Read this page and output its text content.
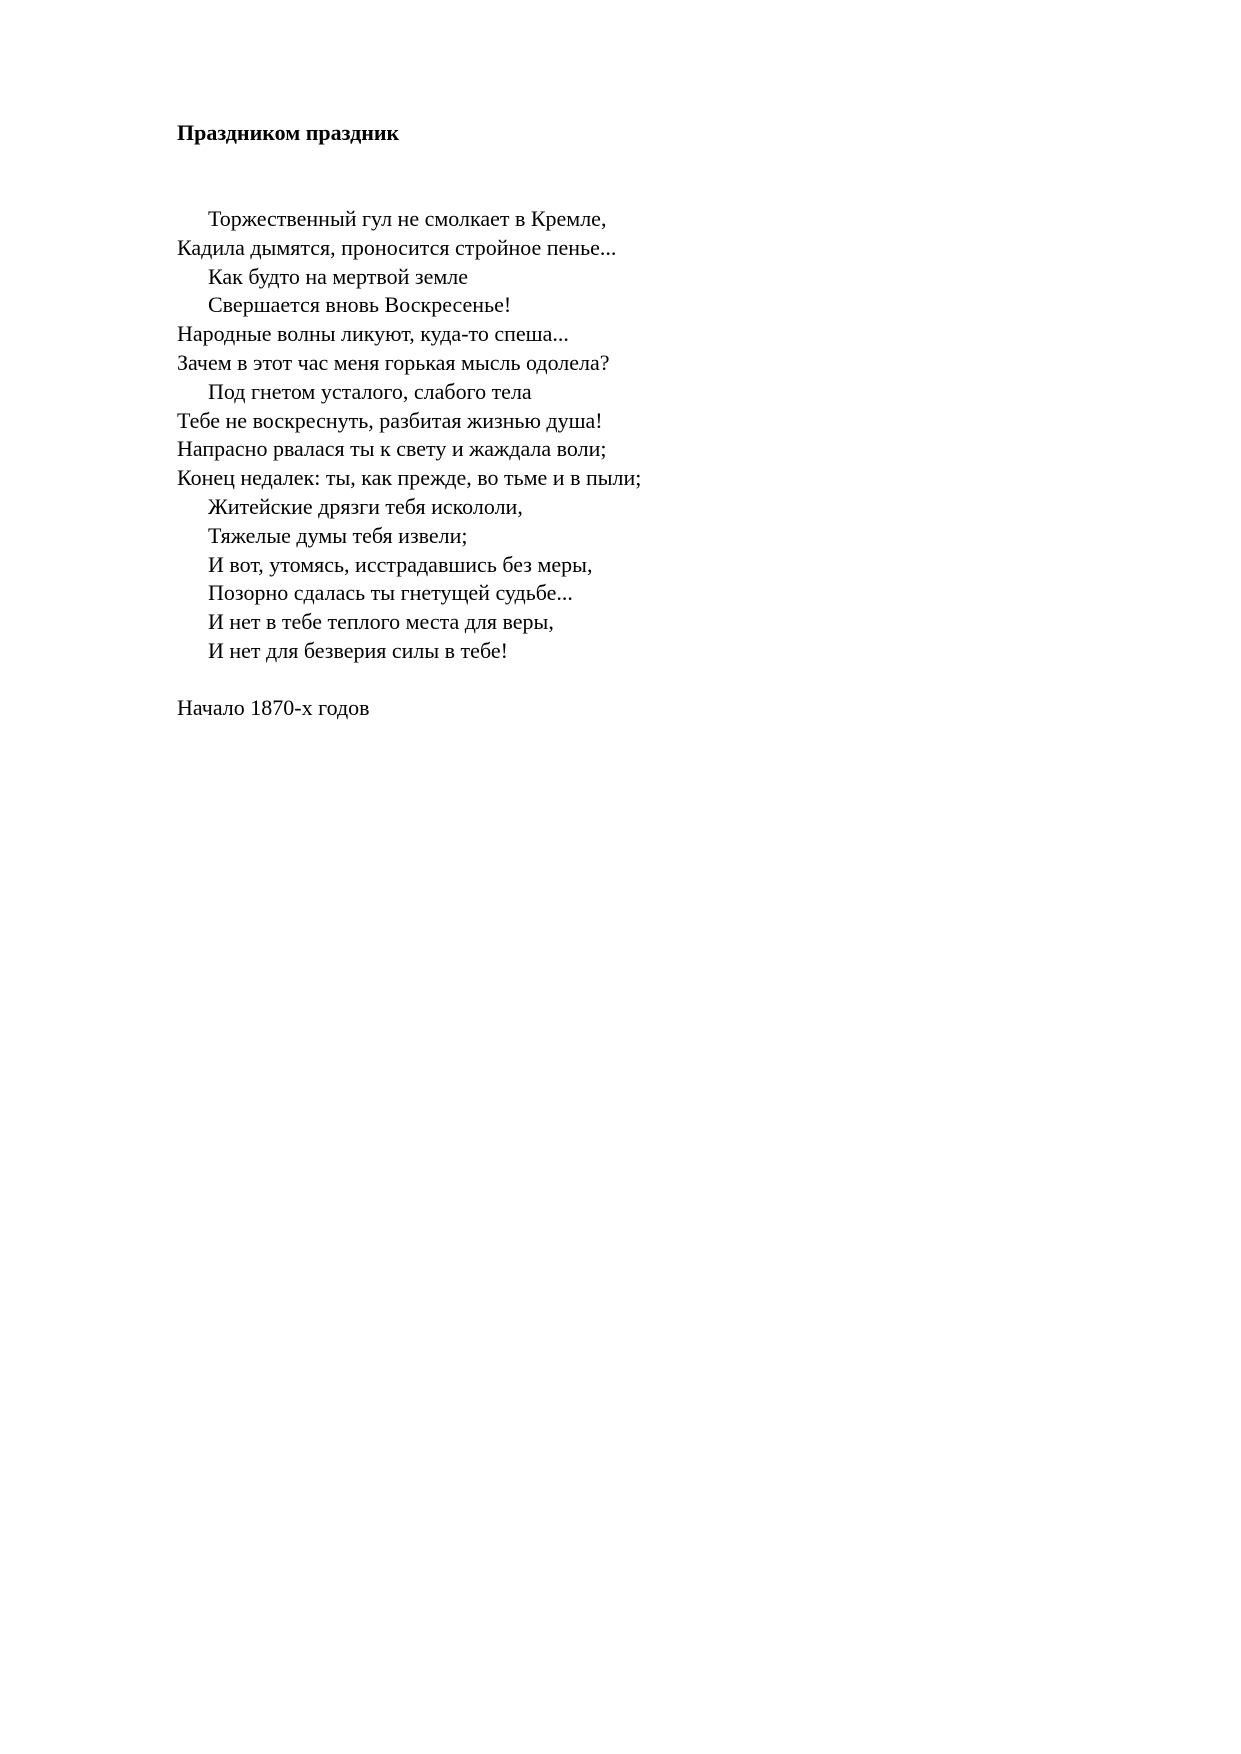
Праздником праздник
Торжественный гул не смолкает в Кремле,
Кадила дымятся, проносится стройное пенье...
Как будто на мертвой земле
Свершается вновь Воскресенье!
Народные волны ликуют, куда-то спеша...
Зачем в этот час меня горькая мысль одолела?
Под гнетом усталого, слабого тела
Тебе не воскреснуть, разбитая жизнью душа!
Напрасно рвалася ты к свету и жаждала воли;
Конец недалек: ты, как прежде, во тьме и в пыли;
Житейские дрязги тебя искололи,
Тяжелые думы тебя извели;
И вот, утомясь, исстрадавшись без меры,
Позорно сдалась ты гнетущей судьбе...
И нет в тебе теплого места для веры,
И нет для безверия силы в тебе!
Начало 1870-х годов
